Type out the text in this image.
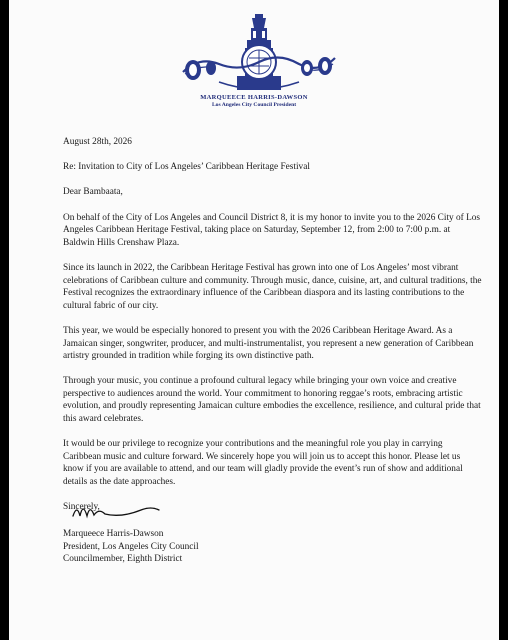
MARQUEECE HARRIS-DAWSON
Los Angeles City Council President

August 28th, 2026

Re: Invitation to City of Los Angeles’ Caribbean Heritage Festival

Dear Bambaata,

On behalf of the City of Los Angeles and Council District 8, it is my honor to invite you to the 2026 City of Los Angeles Caribbean Heritage Festival, taking place on Saturday, September 12, from 2:00 to 7:00 p.m. at Baldwin Hills Crenshaw Plaza.

Since its launch in 2022, the Caribbean Heritage Festival has grown into one of Los Angeles’ most vibrant celebrations of Caribbean culture and community. Through music, dance, cuisine, art, and cultural traditions, the Festival recognizes the extraordinary influence of the Caribbean diaspora and its lasting contributions to the cultural fabric of our city.

This year, we would be especially honored to present you with the 2026 Caribbean Heritage Award. As a Jamaican singer, songwriter, producer, and multi-instrumentalist, you represent a new generation of Caribbean artistry grounded in tradition while forging its own distinctive path.

Through your music, you continue a profound cultural legacy while bringing your own voice and creative perspective to audiences around the world. Your commitment to honoring reggae’s roots, embracing artistic evolution, and proudly representing Jamaican culture embodies the excellence, resilience, and cultural pride that this award celebrates.

It would be our privilege to recognize your contributions and the meaningful role you play in carrying Caribbean music and culture forward. We sincerely hope you will join us to accept this honor. Please let us know if you are available to attend, and our team will gladly provide the event’s run of show and additional details as the date approaches.

Sincerely,

Marqueece Harris-Dawson
President, Los Angeles City Council
Councilmember, Eighth District
